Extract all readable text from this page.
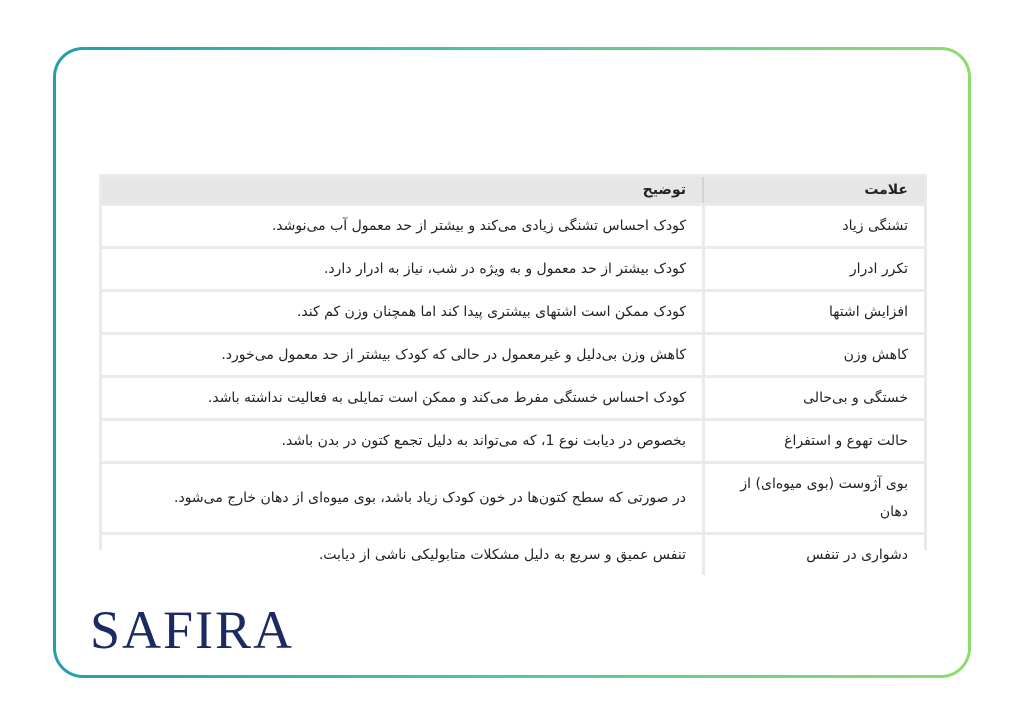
علامت	توضیح
تشنگی زیاد	کودک احساس تشنگی زیادی می‌کند و بیشتر از حد معمول آب می‌نوشد.
تکرر ادرار	کودک بیشتر از حد معمول و به ویژه در شب، نیاز به ادرار دارد.
افزایش اشتها	کودک ممکن است اشتهای بیشتری پیدا کند اما همچنان وزن کم کند.
کاهش وزن	کاهش وزن بی‌دلیل و غیرمعمول در حالی که کودک بیشتر از حد معمول می‌خورد.
خستگی و بی‌حالی	کودک احساس خستگی مفرط می‌کند و ممکن است تمایلی به فعالیت نداشته باشد.
حالت تهوع و استفراغ	بخصوص در دیابت نوع 1، که می‌تواند به دلیل تجمع کتون در بدن باشد.
بوی آژوست (بوی میوه‌ای) از دهان	در صورتی که سطح کتون‌ها در خون کودک زیاد باشد، بوی میوه‌ای از دهان خارج می‌شود.
دشواری در تنفس	تنفس عمیق و سریع به دلیل مشکلات متابولیکی ناشی از دیابت.
SAFIRA
